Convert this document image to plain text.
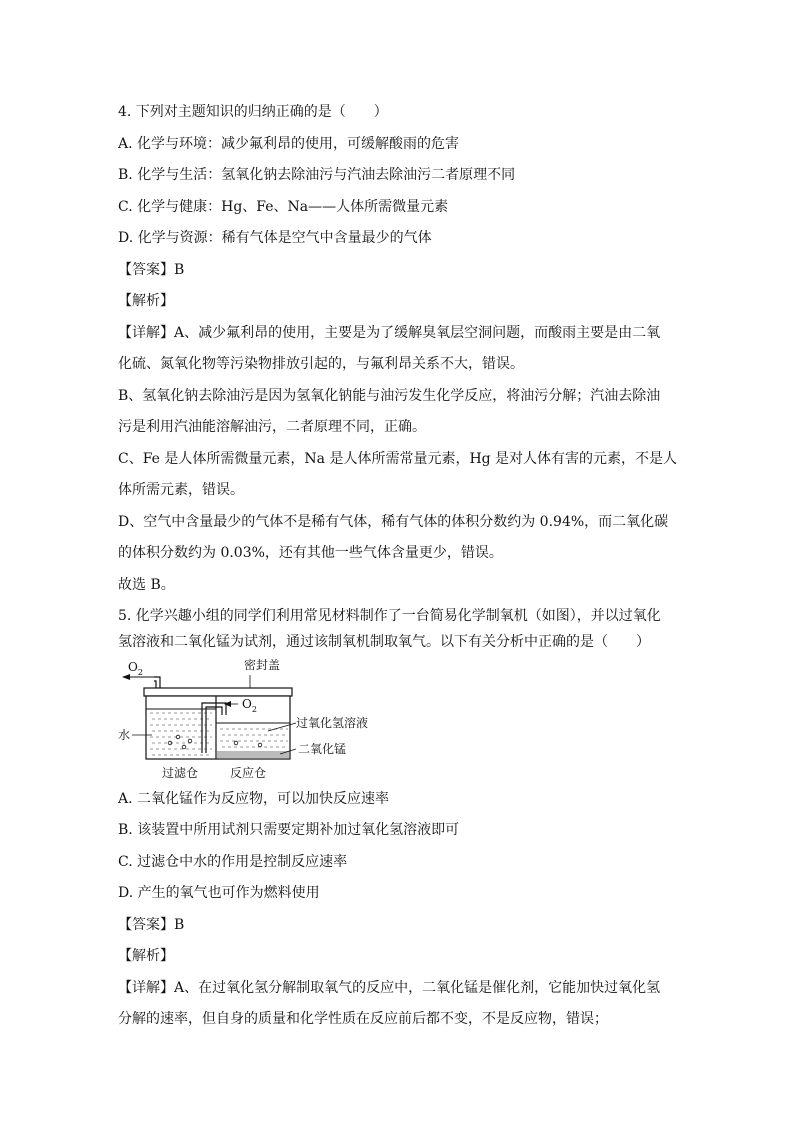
4. 下列对主题知识的归纳正确的是（　　）
A. 化学与环境：减少氟利昂的使用，可缓解酸雨的危害
B. 化学与生活：氢氧化钠去除油污与汽油去除油污二者原理不同
C. 化学与健康：Hg、Fe、Na——人体所需微量元素
D. 化学与资源：稀有气体是空气中含量最少的气体
【答案】B
【解析】
【详解】A、减少氟利昂的使用，主要是为了缓解臭氧层空洞问题，而酸雨主要是由二氧
化硫、氮氧化物等污染物排放引起的，与氟利昂关系不大，错误。
B、氢氧化钠去除油污是因为氢氧化钠能与油污发生化学反应，将油污分解；汽油去除油
污是利用汽油能溶解油污，二者原理不同，正确。
C、Fe 是人体所需微量元素，Na 是人体所需常量元素，Hg 是对人体有害的元素，不是人
体所需元素，错误。
D、空气中含量最少的气体不是稀有气体，稀有气体的体积分数约为 0.94%，而二氧化碳
的体积分数约为 0.03%，还有其他一些气体含量更少，错误。
故选 B。
5. 化学兴趣小组的同学们利用常见材料制作了一台简易化学制氧机（如图），并以过氧化
氢溶液和二氧化锰为试剂，通过该制氧机制取氧气。以下有关分析中正确的是（　　）
$O_2$
密封盖
$O_2$
水
过氧化氢溶液
二氧化锰
过滤仓	反应仓
A. 二氧化锰作为反应物，可以加快反应速率
B. 该装置中所用试剂只需要定期补加过氧化氢溶液即可
C. 过滤仓中水的作用是控制反应速率
D. 产生的氧气也可作为燃料使用
【答案】B
【解析】
【详解】A、在过氧化氢分解制取氧气的反应中，二氧化锰是催化剂，它能加快过氧化氢
分解的速率，但自身的质量和化学性质在反应前后都不变，不是反应物，错误；
